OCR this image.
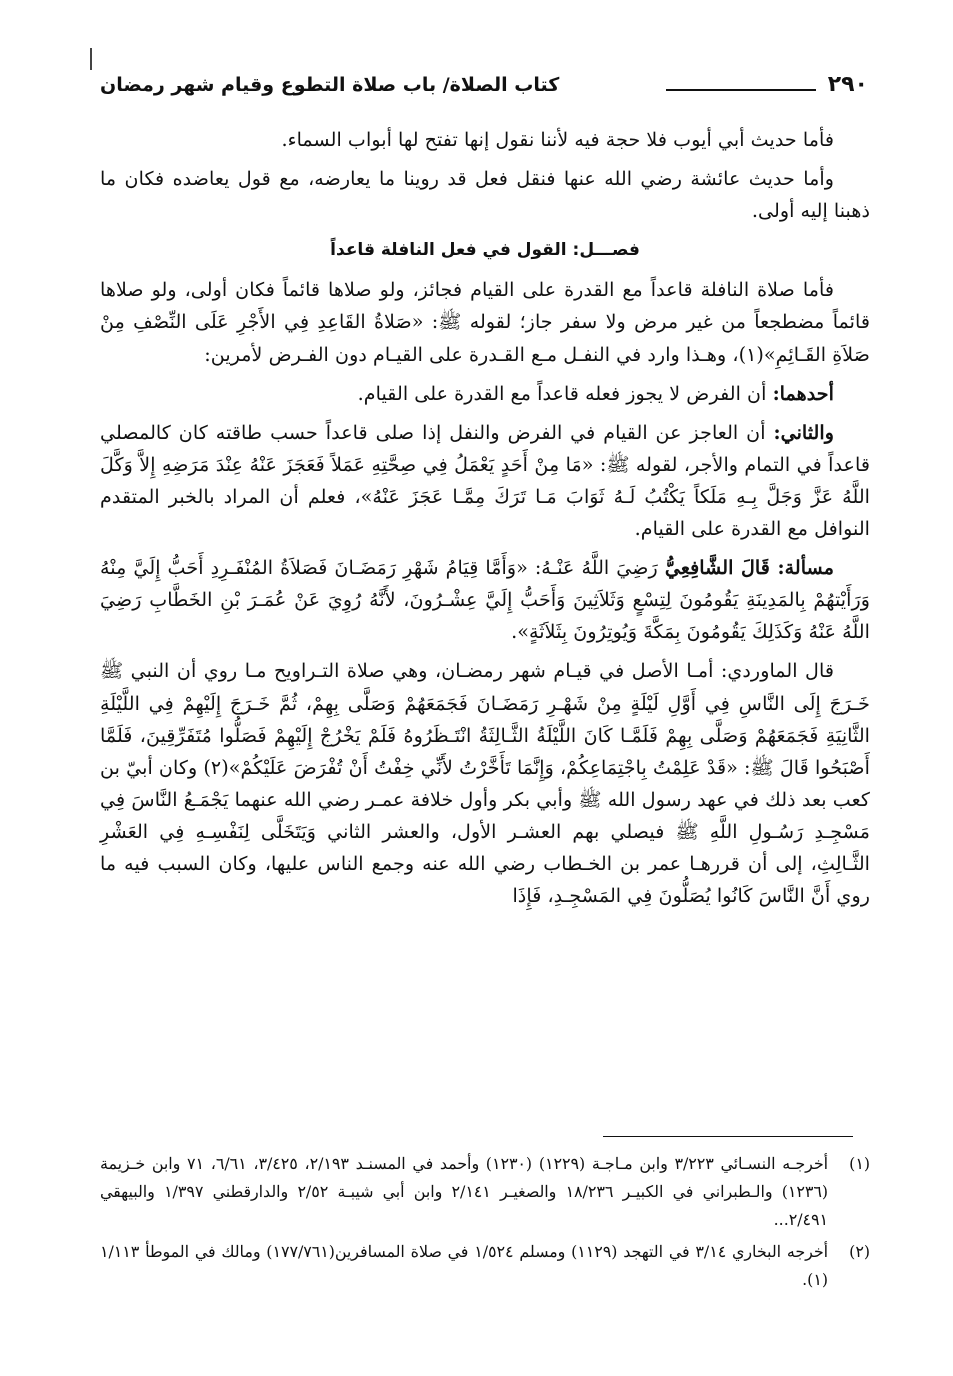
٢٩٠
كتاب الصلاة/ باب صلاة التطوع وقيام شهر رمضان

فأما حديث أبي أيوب فلا حجة فيه لأننا نقول إنها تفتح لها أبواب السماء.

وأما حديث عائشة رضي الله عنها فنقل فعل قد روينا ما يعارضه، مع قول يعاضده فكان ما ذهبنا إليه أولى.

فصـــل: القول في فعل النافلة قاعداً

فأما صلاة النافلة قاعداً مع القدرة على القيام فجائز، ولو صلاها قائماً فكان أولى، ولو صلاها قائماً مضطجعاً من غير مرض ولا سفر جاز؛ لقوله ﷺ: «صَلاةُ القَاعِدِ فِي الأَجْرِ عَلَى النِّصْفِ مِنْ صَلاَةِ القَـائِمِ»(١)، وهـذا وارد في النفـل مـع القـدرة على القيـام دون الفـرض لأمرين:

أحدهما: أن الفرض لا يجوز فعله قاعداً مع القدرة على القيام.

والثاني: أن العاجز عن القيام في الفرض والنفل إذا صلى قاعداً حسب طاقته كان كالمصلي قاعداً في التمام والأجر، لقوله ﷺ: «مَا مِنْ أَحَدٍ يَعْمَلُ فِي صِحَّتِهِ عَمَلاً فَعَجَزَ عَنْهُ عِنْدَ مَرَضِهِ إِلاَّ وَكَّلَ اللَّهُ عَزَّ وَجَلَّ بِـهِ مَلَكاً يَكْتُبُ لَـهُ ثَوَابَ مَـا تَرَكَ مِمَّـا عَجَزَ عَنْهُ»، فعلم أن المراد بالخبر المتقدم النوافل مع القدرة على القيام.

مسألة: قَالَ الشَّافِعِيُّ رَضِيَ اللَّهُ عَنْـهُ: «وَأَمَّا قِيَامُ شَهْرِ رَمَضَـانَ فَصَلاَةُ المُنْفَـرِدِ أَحَبُّ إِلَيَّ مِنْهُ وَرَأَيْتهُمْ بِالمَدِينَةِ يَقُومُونَ لِتِسْعٍ وَثَلاَثِينَ وَأَحَبُّ إِلَيَّ عِشْـرُونَ، لأَنَّهُ رُوِيَ عَنْ عُمَـرَ بْنِ الخَطَّابِ رَضِيَ اللَّهُ عَنْهُ وَكَذَلِكَ يَقُومُونَ بِمَكَّةَ وَيُوتِرُونَ بِثَلاَثَةٍ».

قال الماوردي: أمـا الأصل في قيـام شهر رمضـان، وهي صلاة التـراويح مـا روي أن النبي ﷺ خَـرَجَ إِلَى النَّاسِ فِي أَوَّلِ لَيْلَةٍ مِنْ شَهْـرِ رَمَضَـانَ فَجَمَعَهُمْ وَصَلَّى بِهِمْ، ثُمَّ خَـرَجَ إِلَيْهِمْ فِي اللَّيْلَةِ الثَّانِيَةِ فَجَمَعَهُمْ وَصَلَّى بِهِمْ فَلَمَّـا كَانَ اللَّيْلَةُ الثَّـالِثَةُ انْتَـظَرُوهُ فَلَمْ يَخْرُجْ إِلَيْهِمْ فَصَلُّوا مُتَفَرِّقِينَ، فَلَمَّا أَصْبَحُوا قَالَ ﷺ: «قَدْ عَلِمْتُ بِاجْتِمَاعِكُمْ، وَإِنَّمَا تَأَخَّرْتُ لأَنِّي خِفْتُ أَنْ تُفْرَضَ عَلَيْكُمْ»(٢) وكان أبيّ بن كعب بعد ذلك في عهد رسول الله ﷺ وأبي بكر وأول خلافة عمـر رضي الله عنهما يَجْمَـعُ النَّاسَ فِي مَسْجِـدِ رَسُـولِ اللَّهِ ﷺ فيصلي بهم العشـر الأول، والعشر الثاني وَيَتَخَلَّى لِنَفْسِـهِ فِي العَشْرِ الثَّـالِثِ، إلى أن قررهـا عمر بن الخـطاب رضي الله عنه وجمع الناس عليها، وكان السبب فيه ما روي أَنَّ النَّاسَ كَانُوا يُصَلُّونَ فِي المَسْجِـدِ، فَإِذَا

(١)
أخرجـه النسـائي ٣/٢٢٣ وابن مـاجـة (١٢٢٩) (١٢٣٠) وأحمد في المسنـد ٢/١٩٣، ٣/٤٢٥، ٦/٦١، ٧١ وابن خـزيمة (١٢٣٦) والـطبراني في الكبيـر ١٨/٢٣٦ والصغيـر ٢/١٤١ وابن أبي شيبـة ٢/٥٢ والدارقطني ١/٣٩٧ والبيهقي ٢/٤٩١...
(٢)
أخرجه البخاري ٣/١٤ في التهجد (١١٢٩) ومسلم ١/٥٢٤ في صلاة المسافرين(١٧٧/٧٦١) ومالك في الموطأ ١/١١٣ (١).
